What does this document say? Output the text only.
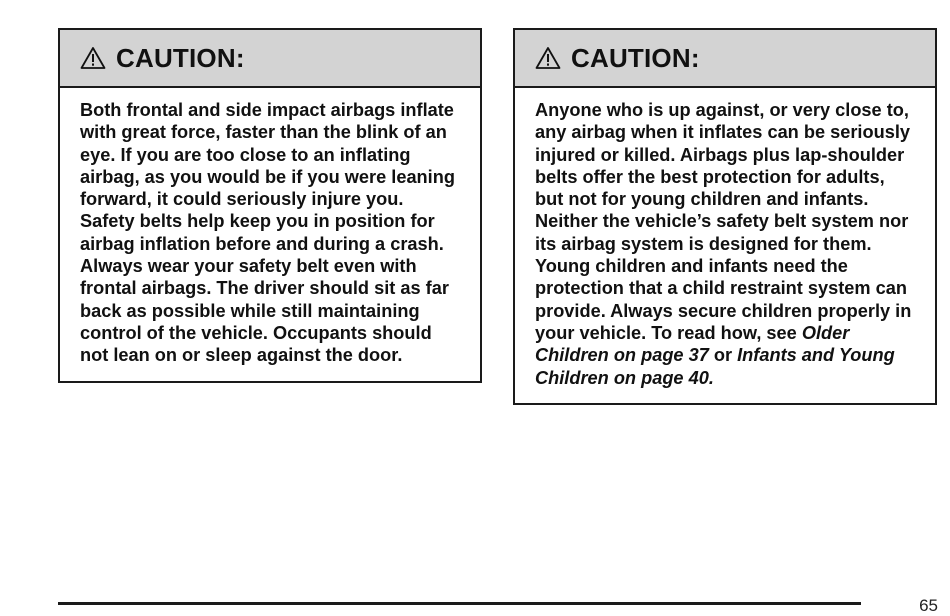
CAUTION:
Both frontal and side impact airbags inflate with great force, faster than the blink of an eye. If you are too close to an inflating airbag, as you would be if you were leaning forward, it could seriously injure you. Safety belts help keep you in position for airbag inflation before and during a crash. Always wear your safety belt even with frontal airbags. The driver should sit as far back as possible while still maintaining control of the vehicle. Occupants should not lean on or sleep against the door.
CAUTION:
Anyone who is up against, or very close to, any airbag when it inflates can be seriously injured or killed. Airbags plus lap-shoulder belts offer the best protection for adults, but not for young children and infants. Neither the vehicle’s safety belt system nor its airbag system is designed for them. Young children and infants need the protection that a child restraint system can provide. Always secure children properly in your vehicle. To read how, see Older Children on page 37 or Infants and Young Children on page 40.
65
